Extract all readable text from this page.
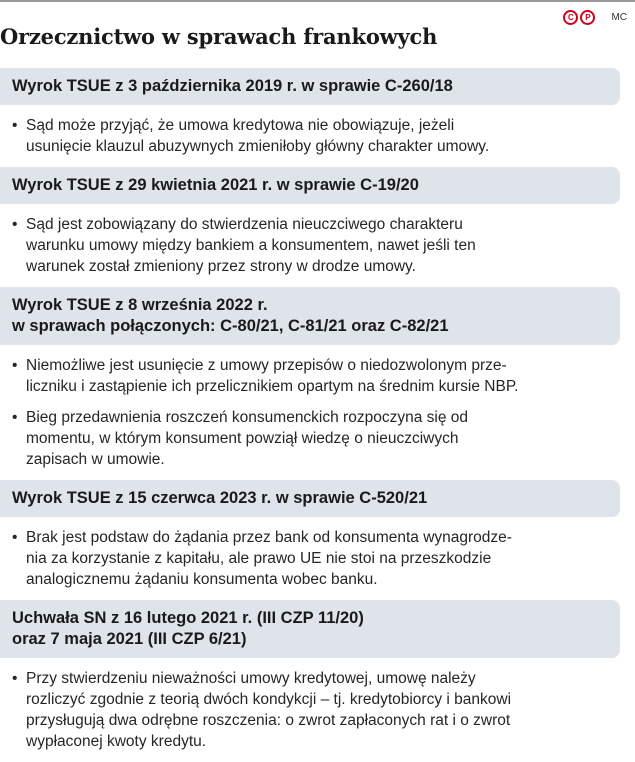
Orzecznictwo w sprawach frankowych
C	P	MC
Wyrok TSUE z 3 października 2019 r. w sprawie C-260/18
• Sąd może przyjąć, że umowa kredytowa nie obowiązuje, jeżeli
usunięcie klauzul abuzywnych zmieniłoby główny charakter umowy.
Wyrok TSUE z 29 kwietnia 2021 r. w sprawie C-19/20
• Sąd jest zobowiązany do stwierdzenia nieuczciwego charakteru
warunku umowy między bankiem a konsumentem, nawet jeśli ten
warunek został zmieniony przez strony w drodze umowy.
Wyrok TSUE z 8 września 2022 r.
w sprawach połączonych: C-80/21, C-81/21 oraz C-82/21
• Niemożliwe jest usunięcie z umowy przepisów o niedozwolonym prze-
liczniku i zastąpienie ich przelicznikiem opartym na średnim kursie NBP.
• Bieg przedawnienia roszczeń konsumenckich rozpoczyna się od
momentu, w którym konsument powziął wiedzę o nieuczciwych
zapisach w umowie.
Wyrok TSUE z 15 czerwca 2023 r. w sprawie C-520/21
• Brak jest podstaw do żądania przez bank od konsumenta wynagrodze-
nia za korzystanie z kapitału, ale prawo UE nie stoi na przeszkodzie
analogicznemu żądaniu konsumenta wobec banku.
Uchwała SN z 16 lutego 2021 r. (III CZP 11/20)
oraz 7 maja 2021 (III CZP 6/21)
• Przy stwierdzeniu nieważności umowy kredytowej, umowę należy
rozliczyć zgodnie z teorią dwóch kondykcji – tj. kredytobiorcy i bankowi
przysługują dwa odrębne roszczenia: o zwrot zapłaconych rat i o zwrot
wypłaconej kwoty kredytu.
